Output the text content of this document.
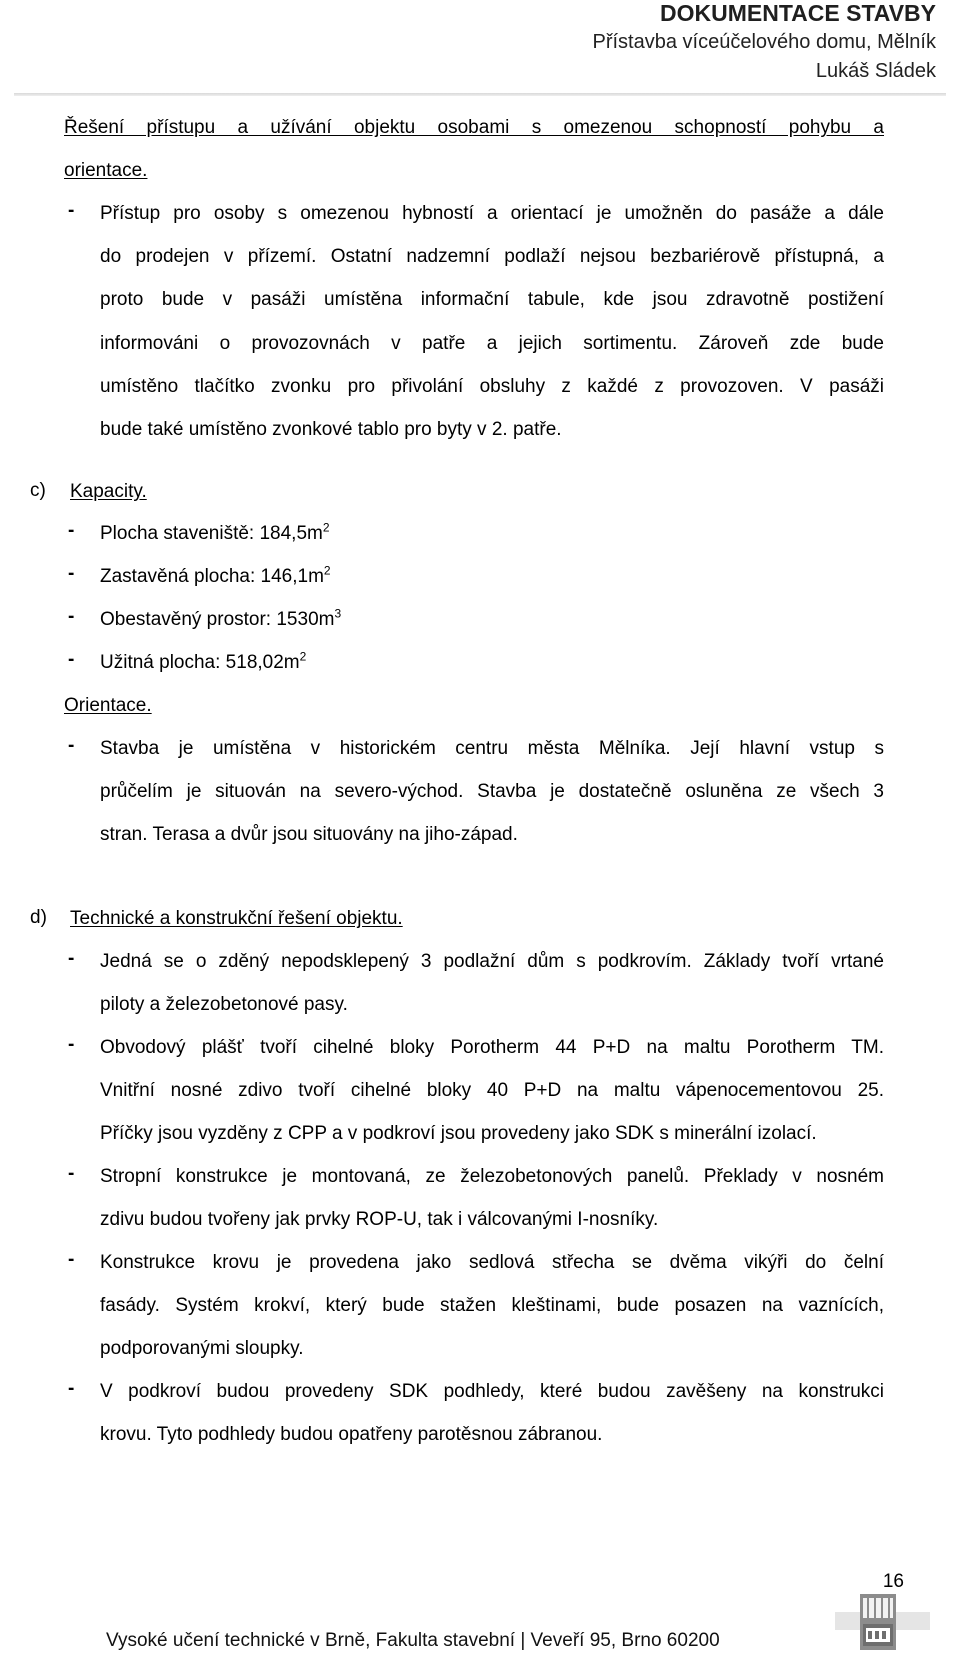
DOKUMENTACE STAVBY
Přístavba víceúčelového domu, Mělník
Lukáš Sládek
Řešení přístupu a užívání objektu osobami s omezenou schopností pohybu a
orientace.
- Přístup pro osoby s omezenou hybností a orientací je umožněn do pasáže a dále
do prodejen v přízemí. Ostatní nadzemní podlaží nejsou bezbariérově přístupná, a
proto bude v pasáži umístěna informační tabule, kde jsou zdravotně postižení
informováni o provozovnách v patře a jejich sortimentu. Zároveň zde bude
umístěno tlačítko zvonku pro přivolání obsluhy z každé z provozoven. V pasáži
bude také umístěno zvonkové tablo pro byty v 2. patře.
c) Kapacity.
- Plocha staveniště: $184,5m^2$
- Zastavěná plocha: $146,1m^2$
- Obestavěný prostor: $1530m^3$
- Užitná plocha: $518,02m^2$
Orientace.
- Stavba je umístěna v historickém centru města Mělníka. Její hlavní vstup s
průčelím je situován na severo-východ. Stavba je dostatečně osluněna ze všech 3
stran. Terasa a dvůr jsou situovány na jiho-západ.
d) Technické a konstrukční řešení objektu.
- Jedná se o zděný nepodsklepený 3 podlažní dům s podkrovím. Základy tvoří vrtané
piloty a železobetonové pasy.
- Obvodový plášť tvoří cihelné bloky Porotherm 44 P+D na maltu Porotherm TM.
Vnitřní nosné zdivo tvoří cihelné bloky 40 P+D na maltu vápenocementovou 25.
Příčky jsou vyzděny z CPP a v podkroví jsou provedeny jako SDK s minerální izolací.
- Stropní konstrukce je montovaná, ze železobetonových panelů. Překlady v nosném
zdivu budou tvořeny jak prvky ROP-U, tak i válcovanými I-nosníky.
- Konstrukce krovu je provedena jako sedlová střecha se dvěma vikýři do čelní
fasády. Systém krokví, který bude stažen kleštinami, bude posazen na vaznících,
podporovanými sloupky.
- V podkroví budou provedeny SDK podhledy, které budou zavěšeny na konstrukci
krovu. Tyto podhledy budou opatřeny parotěsnou zábranou.
16
Vysoké učení technické v Brně, Fakulta stavební | Veveří 95, Brno 60200
